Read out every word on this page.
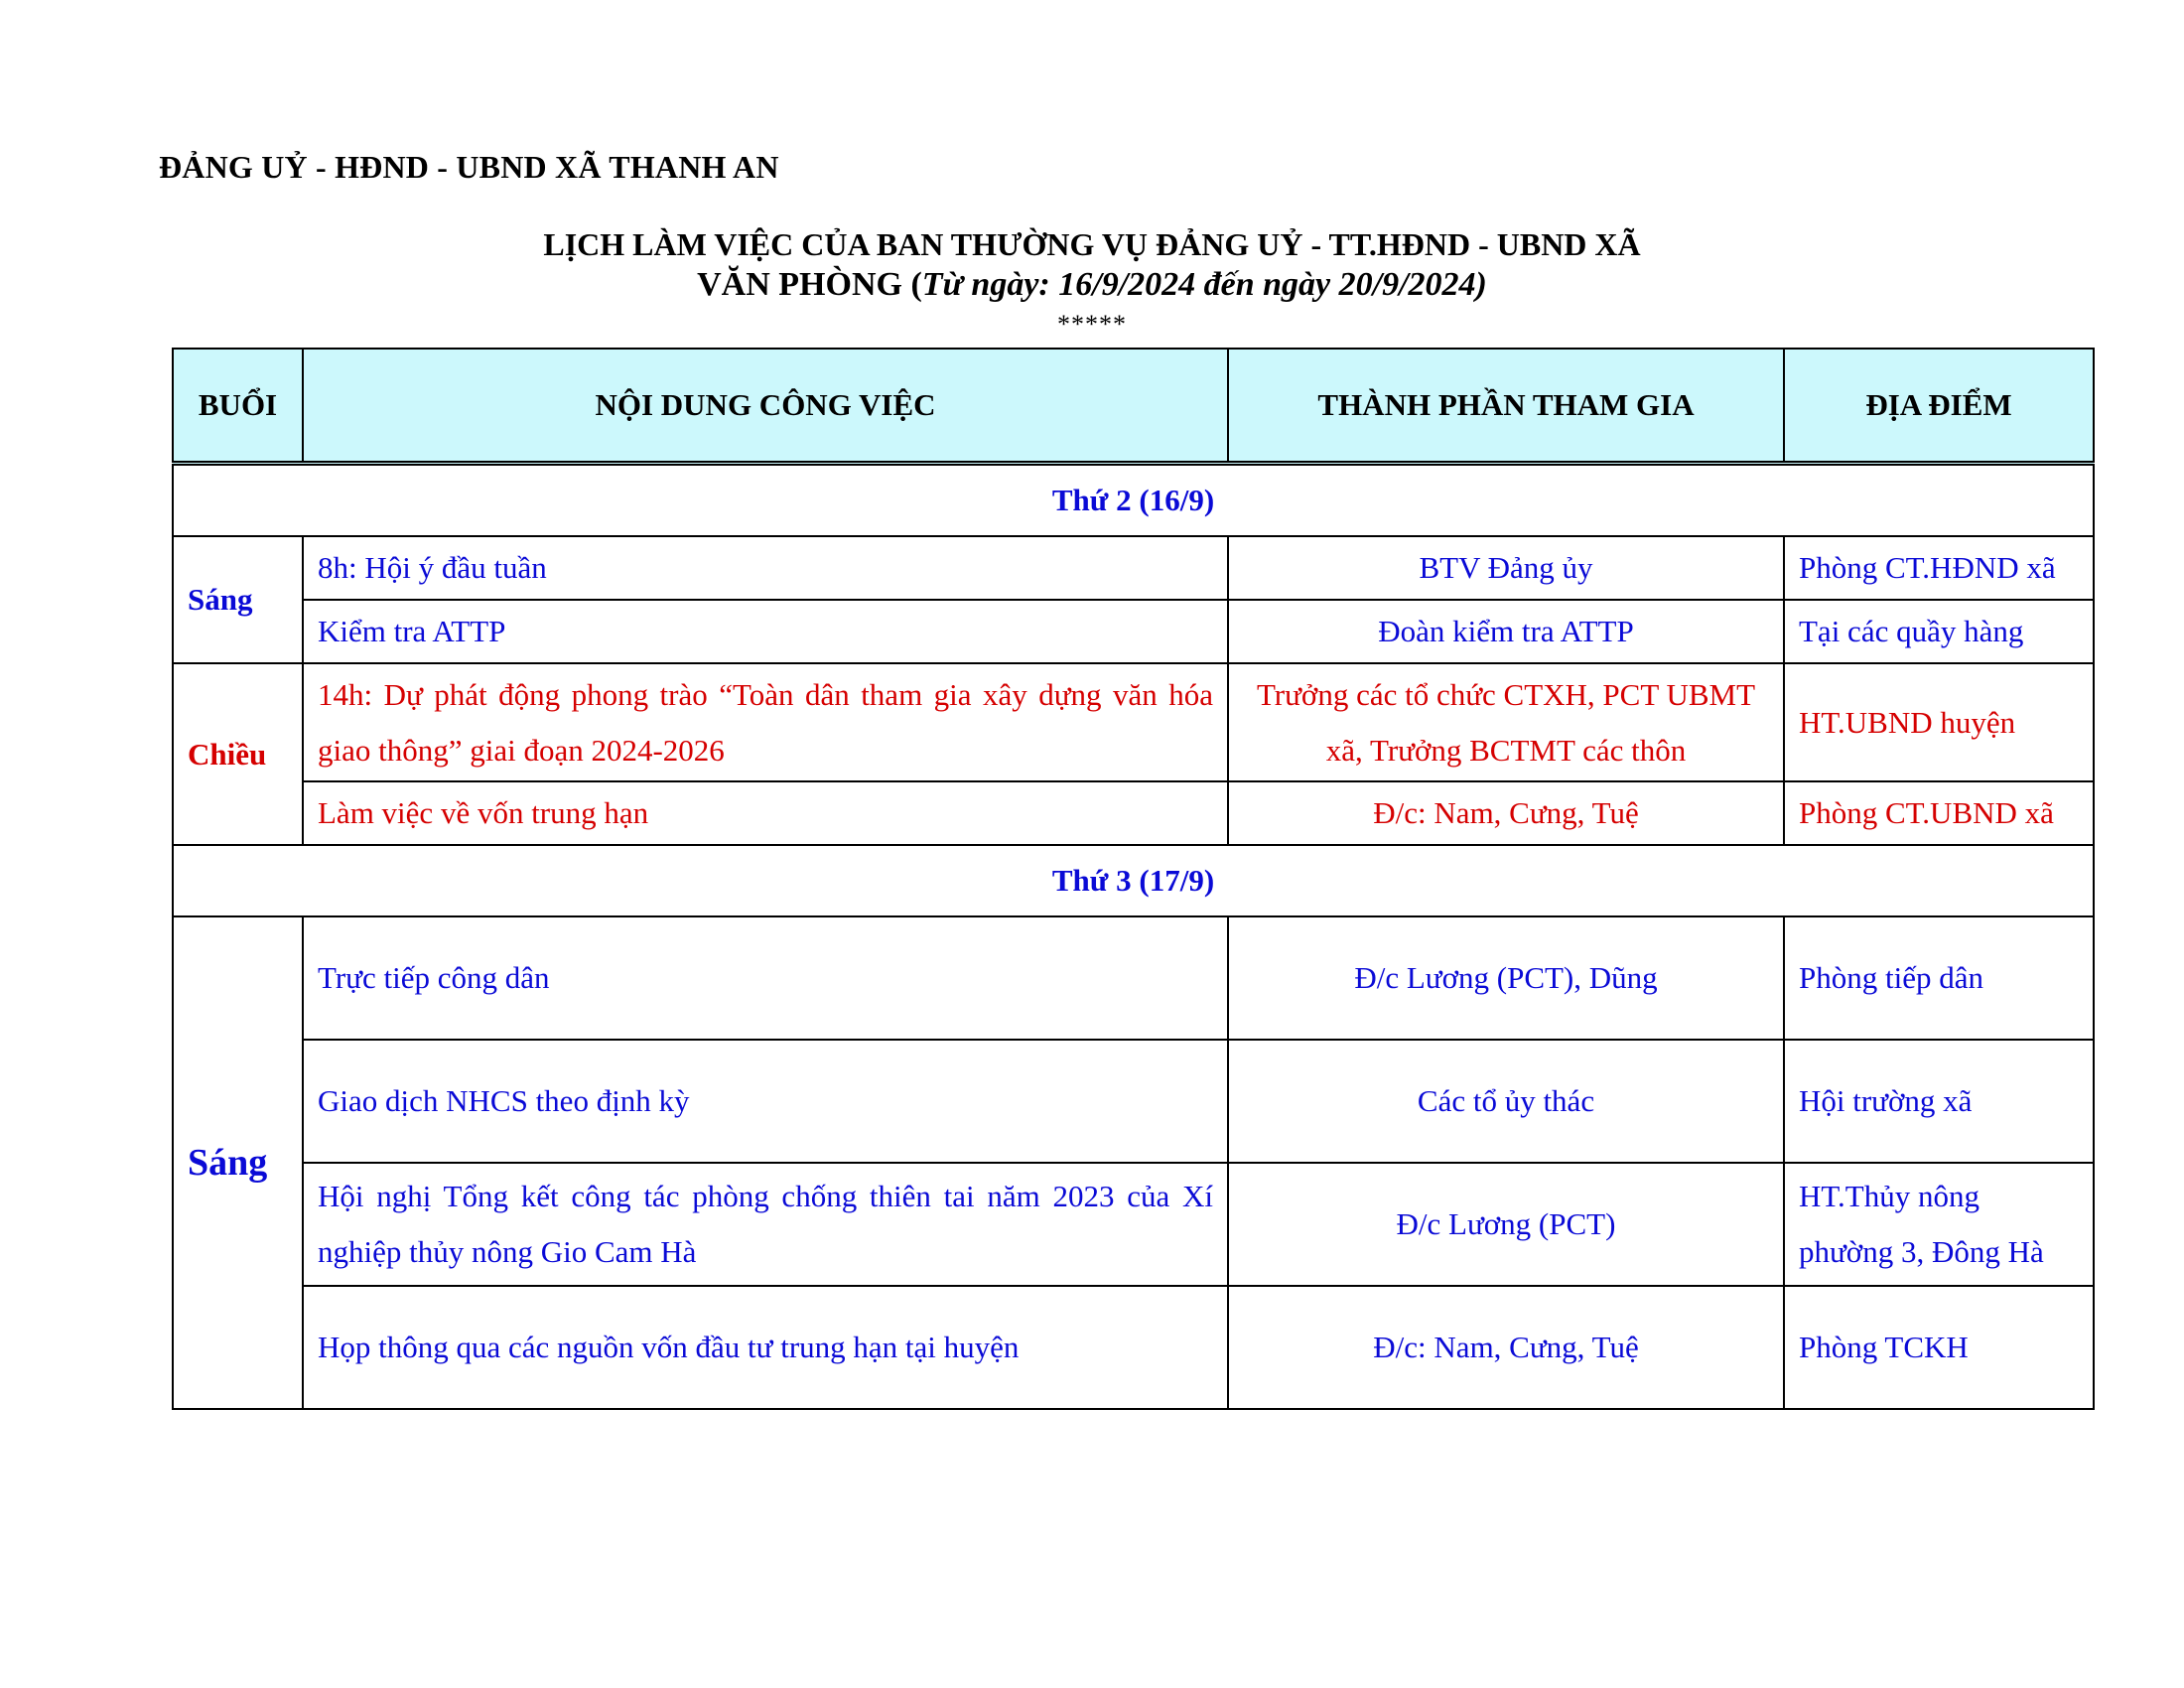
ĐẢNG UỶ - HĐND - UBND XÃ THANH AN
LỊCH LÀM VIỆC CỦA BAN THƯỜNG VỤ ĐẢNG UỶ - TT.HĐND - UBND XÃ
VĂN PHÒNG (Từ ngày: 16/9/2024 đến ngày 20/9/2024)
*****
BUỔI	NỘI DUNG CÔNG VIỆC	THÀNH PHẦN THAM GIA	ĐỊA ĐIỂM
Thứ 2 (16/9)			
Sáng	8h: Hội ý đầu tuần	BTV Đảng ủy	Phòng CT.HĐND xã
	Kiểm tra ATTP	Đoàn kiểm tra ATTP	Tại các quầy hàng
Chiều	14h: Dự phát động phong trào “Toàn dân tham gia xây dựng văn hóa giao thông” giai đoạn 2024-2026	Trưởng các tổ chức CTXH, PCT UBMT xã, Trưởng BCTMT các thôn	HT.UBND huyện
	Làm việc về vốn trung hạn	Đ/c: Nam, Cưng, Tuệ	Phòng CT.UBND xã
Thứ 3 (17/9)			
Sáng	Trực tiếp công dân	Đ/c Lương (PCT), Dũng	Phòng tiếp dân
	Giao dịch NHCS theo định kỳ	Các tổ ủy thác	Hội trường xã
	Hội nghị Tổng kết công tác phòng chống thiên tai năm 2023 của Xí nghiệp thủy nông Gio Cam Hà	Đ/c Lương (PCT)	HT.Thủy nông phường 3, Đông Hà
	Họp thông qua các nguồn vốn đầu tư trung hạn tại huyện	Đ/c: Nam, Cưng, Tuệ	Phòng TCKH
